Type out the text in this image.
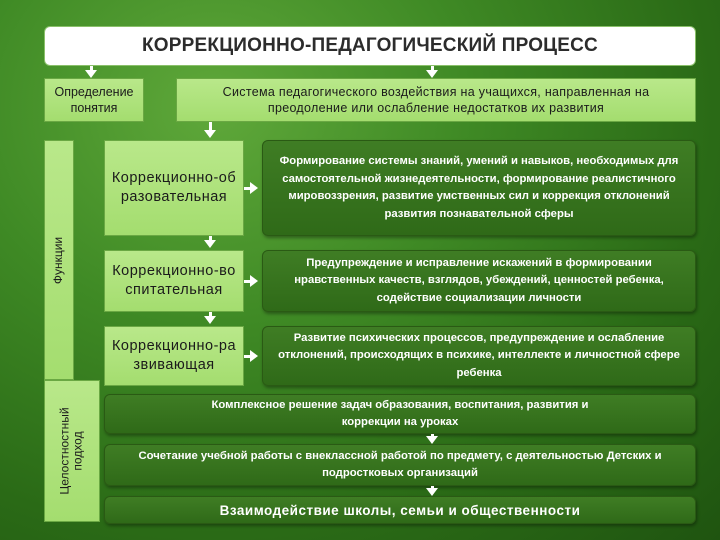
КОРРЕКЦИОННО-ПЕДАГОГИЧЕСКИЙ ПРОЦЕСС
Определение понятия
Система педагогического воздействия на учащихся, направленная на преодоление или ослабление недостатков их развития
Функции
Целостностный подход
Коррекционно-образовательная
Формирование системы знаний, умений и навыков, необходимых для самостоятельной жизнедеятельности, формирование реалистичного мировоззрения, развитие умственных сил и коррекция отклонений развития познавательной сферы
Коррекционно-воспитательная
Предупреждение и исправление искажений в формировании нравственных качеств, взглядов, убеждений, ценностей ребенка, содействие социализации личности
Коррекционно-развивающая
Развитие психических процессов, предупреждение и ослабление отклонений, происходящих в психике, интеллекте и личностной сфере ребенка
Комплексное решение задач образования, воспитания, развития и коррекции на уроках
Сочетание учебной работы с внеклассной работой по предмету, с деятельностью Детских и подростковых организаций
Взаимодействие школы, семьи и общественности
